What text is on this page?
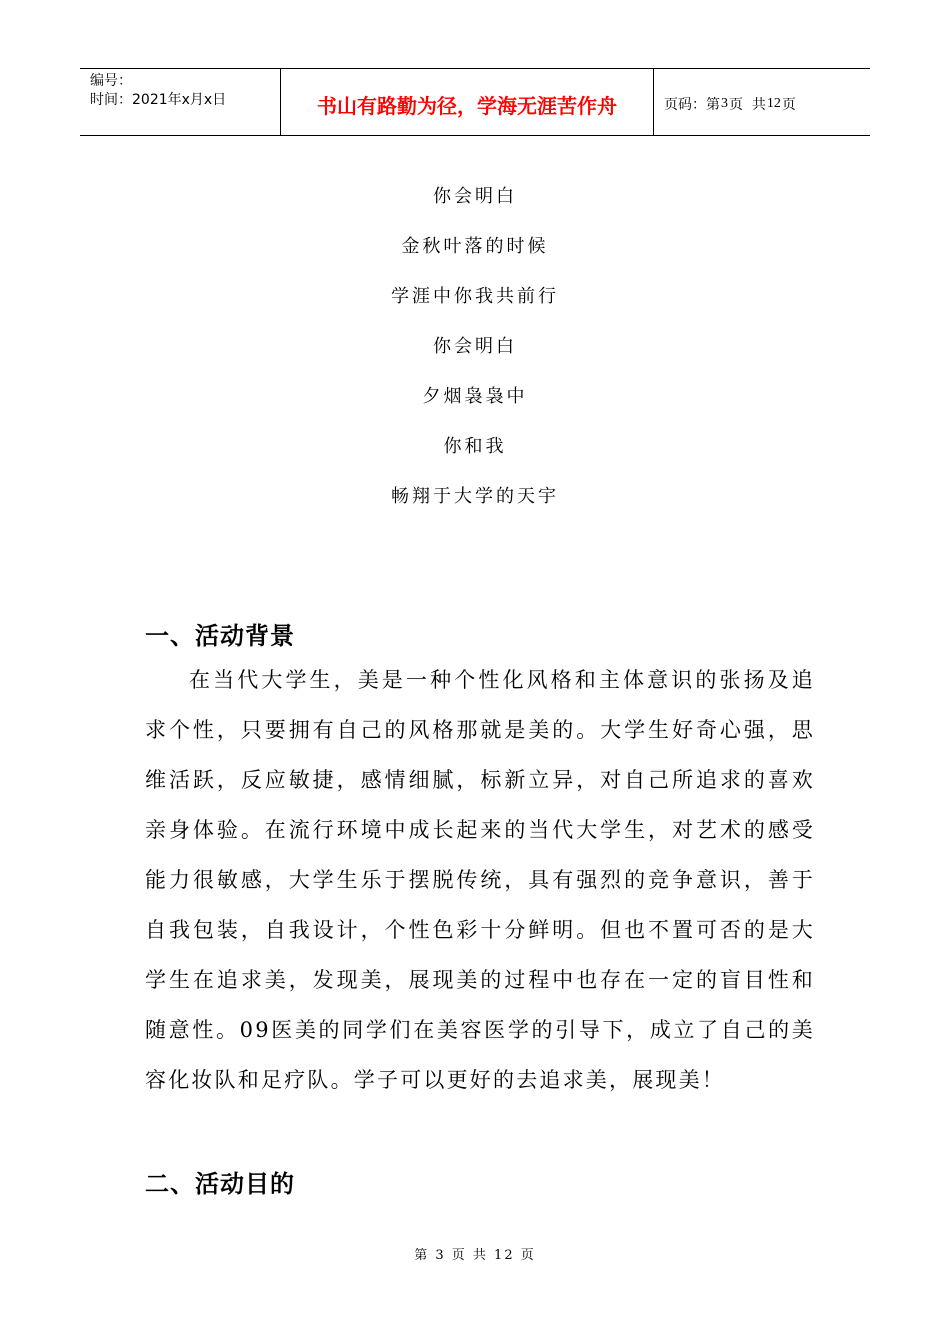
编号：
时间：2021年x月x日	书山有路勤为径，学海无涯苦作舟	页码：第 3 页  共 12 页
你会明白
金秋叶落的时候
学涯中你我共前行
你会明白
夕烟袅袅中
你和我
畅翔于大学的天宇
一、活动背景
在当代大学生，美是一种个性化风格和主体意识的张扬及追求个性，只要拥有自己的风格那就是美的。大学生好奇心强，思维活跃，反应敏捷，感情细腻，标新立异，对自己所追求的喜欢亲身体验。在流行环境中成长起来的当代大学生，对艺术的感受能力很敏感，大学生乐于摆脱传统，具有强烈的竞争意识，善于自我包装，自我设计，个性色彩十分鲜明。但也不置可否的是大学生在追求美，发现美，展现美的过程中也存在一定的盲目性和随意性。09医美的同学们在美容医学的引导下，成立了自己的美容化妆队和足疗队。学子可以更好的去追求美，展现美！
二、活动目的
第 3 页 共 12 页
